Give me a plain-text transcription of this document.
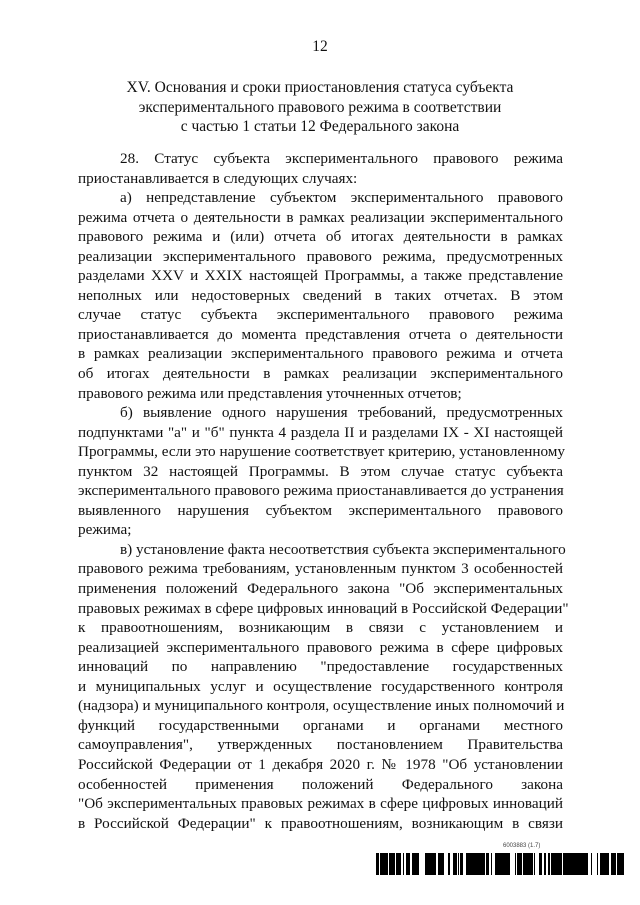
12
XV. Основания и сроки приостановления статуса субъекта
экспериментального правового режима в соответствии
с частью 1 статьи 12 Федерального закона
28. Статус субъекта экспериментального правового режима
приостанавливается в следующих случаях:
а) непредставление субъектом экспериментального правового
режима отчета о деятельности в рамках реализации экспериментального
правового режима и (или) отчета об итогах деятельности в рамках
реализации экспериментального правового режима, предусмотренных
разделами XXV и XXIX настоящей Программы, а также представление
неполных или недостоверных сведений в таких отчетах. В этом
случае статус субъекта экспериментального правового режима
приостанавливается до момента представления отчета о деятельности
в рамках реализации экспериментального правового режима и отчета
об итогах деятельности в рамках реализации экспериментального
правового режима или представления уточненных отчетов;
б) выявление одного нарушения требований, предусмотренных
подпунктами "а" и "б" пункта 4 раздела II и разделами IX - XI настоящей
Программы, если это нарушение соответствует критерию, установленному
пунктом 32 настоящей Программы. В этом случае статус субъекта
экспериментального правового режима приостанавливается до устранения
выявленного нарушения субъектом экспериментального правового
режима;
в) установление факта несоответствия субъекта экспериментального
правового режима требованиям, установленным пунктом 3 особенностей
применения положений Федерального закона "Об экспериментальных
правовых режимах в сфере цифровых инноваций в Российской Федерации"
к правоотношениям, возникающим в связи с установлением и
реализацией экспериментального правового режима в сфере цифровых
инноваций по направлению "предоставление государственных
и муниципальных услуг и осуществление государственного контроля
(надзора) и муниципального контроля, осуществление иных полномочий и
функций государственными органами и органами местного
самоуправления", утвержденных постановлением Правительства
Российской Федерации от 1 декабря 2020 г. № 1978 "Об установлении
особенностей применения положений Федерального закона
"Об экспериментальных правовых режимах в сфере цифровых инноваций
в Российской Федерации" к правоотношениям, возникающим в связи
6003883 (1.7)
